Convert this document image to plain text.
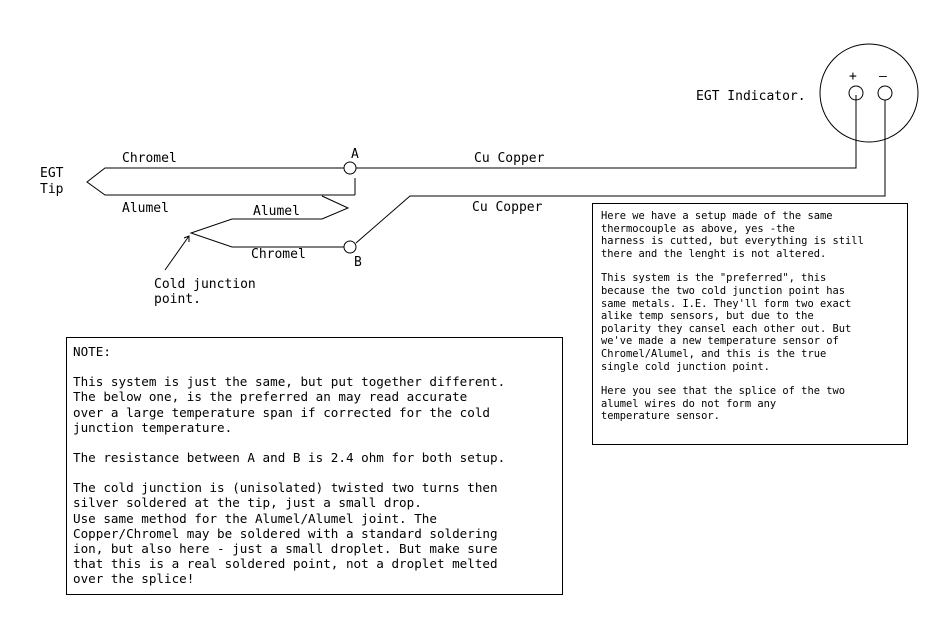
EGT
Tip
Chromel
Alumel	Alumel
Chromel
A
B
Cu Copper
Cu Copper
Cold junction
point.
EGT Indicator.
+ –

NOTE:

This system is just the same, but put together different.

The below one, is the preferred an may read accurate

over a large temperature span if corrected for the cold

junction temperature.

The resistance between A and B is 2.4 ohm for both setup.

The cold junction is (unisolated) twisted two turns then

silver soldered at the tip, just a small drop.

Use same method for the Alumel/Alumel joint. The

Copper/Chromel may be soldered with a standard soldering

ion, but also here - just a small droplet. But make sure

that this is a real soldered point, not a droplet melted

over the splice!

Here we have a setup made of the same

thermocouple as above, yes -the

harness is cutted, but everything is still

there and the lenght is not altered.

This system is the "preferred", this

because the two cold junction point has

same metals. I.E. They'll form two exact

alike temp sensors, but due to the

polarity they cansel each other out. But

we've made a new temperature sensor of

Chromel/Alumel, and this is the true

single cold junction point.

Here you see that the splice of the two

alumel wires do not form any

temperature sensor.
